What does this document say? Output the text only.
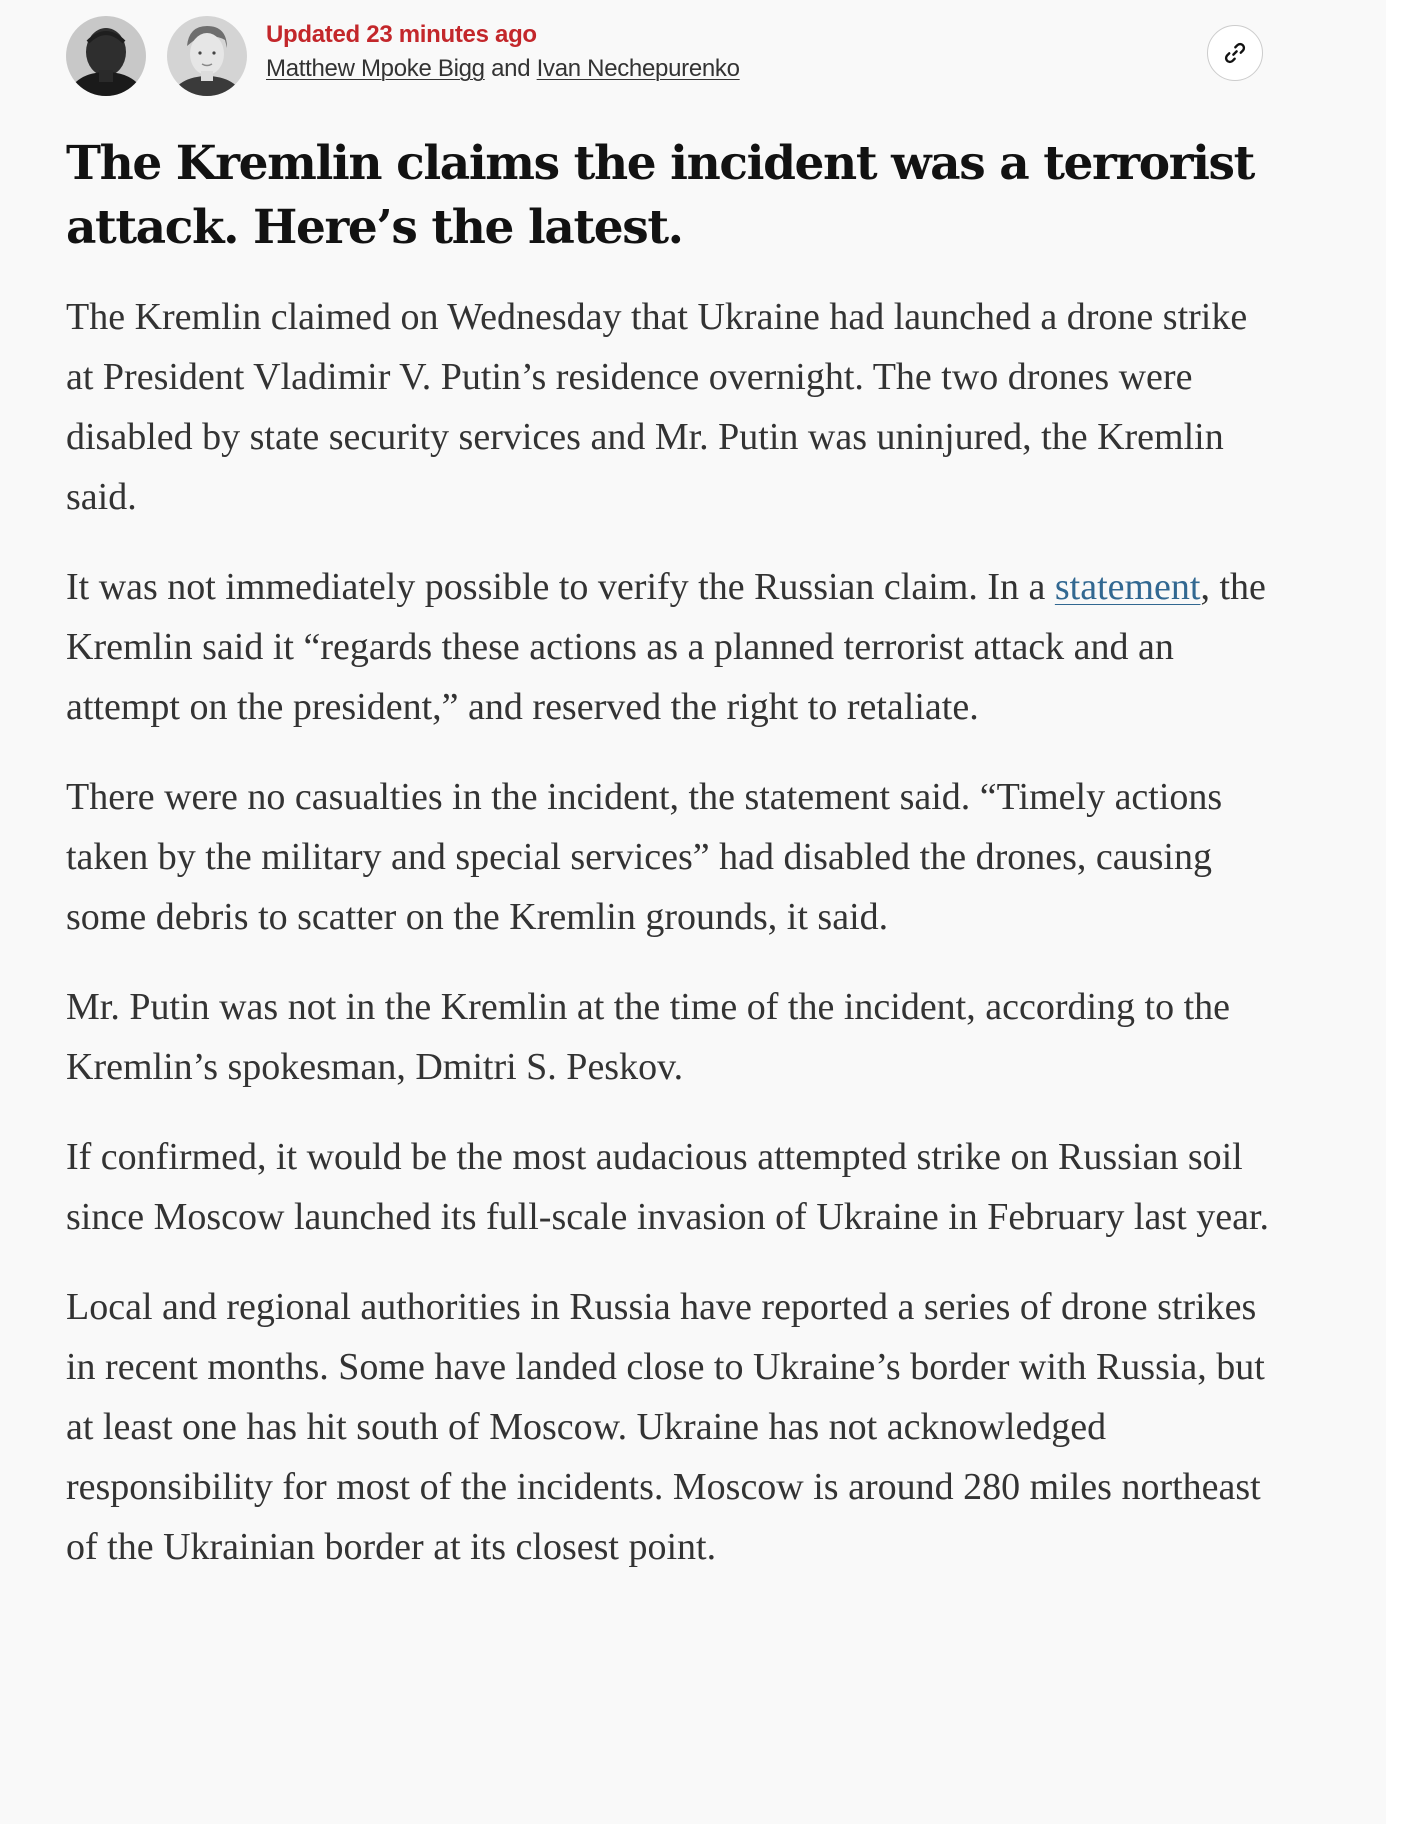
Updated 23 minutes ago
Matthew Mpoke Bigg and Ivan Nechepurenko
The Kremlin claims the incident was a terrorist attack. Here’s the latest.

The Kremlin claimed on Wednesday that Ukraine had launched a drone strike at President Vladimir V. Putin’s residence overnight. The two drones were disabled by state security services and Mr. Putin was uninjured, the Kremlin said.

It was not immediately possible to verify the Russian claim. In a statement, the Kremlin said it “regards these actions as a planned terrorist attack and an attempt on the president,” and reserved the right to retaliate.

There were no casualties in the incident, the statement said. “Timely actions taken by the military and special services” had disabled the drones, causing some debris to scatter on the Kremlin grounds, it said.

Mr. Putin was not in the Kremlin at the time of the incident, according to the Kremlin’s spokesman, Dmitri S. Peskov.

If confirmed, it would be the most audacious attempted strike on Russian soil since Moscow launched its full-scale invasion of Ukraine in February last year.

Local and regional authorities in Russia have reported a series of drone strikes in recent months. Some have landed close to Ukraine’s border with Russia, but at least one has hit south of Moscow. Ukraine has not acknowledged responsibility for most of the incidents. Moscow is around 280 miles northeast of the Ukrainian border at its closest point.
